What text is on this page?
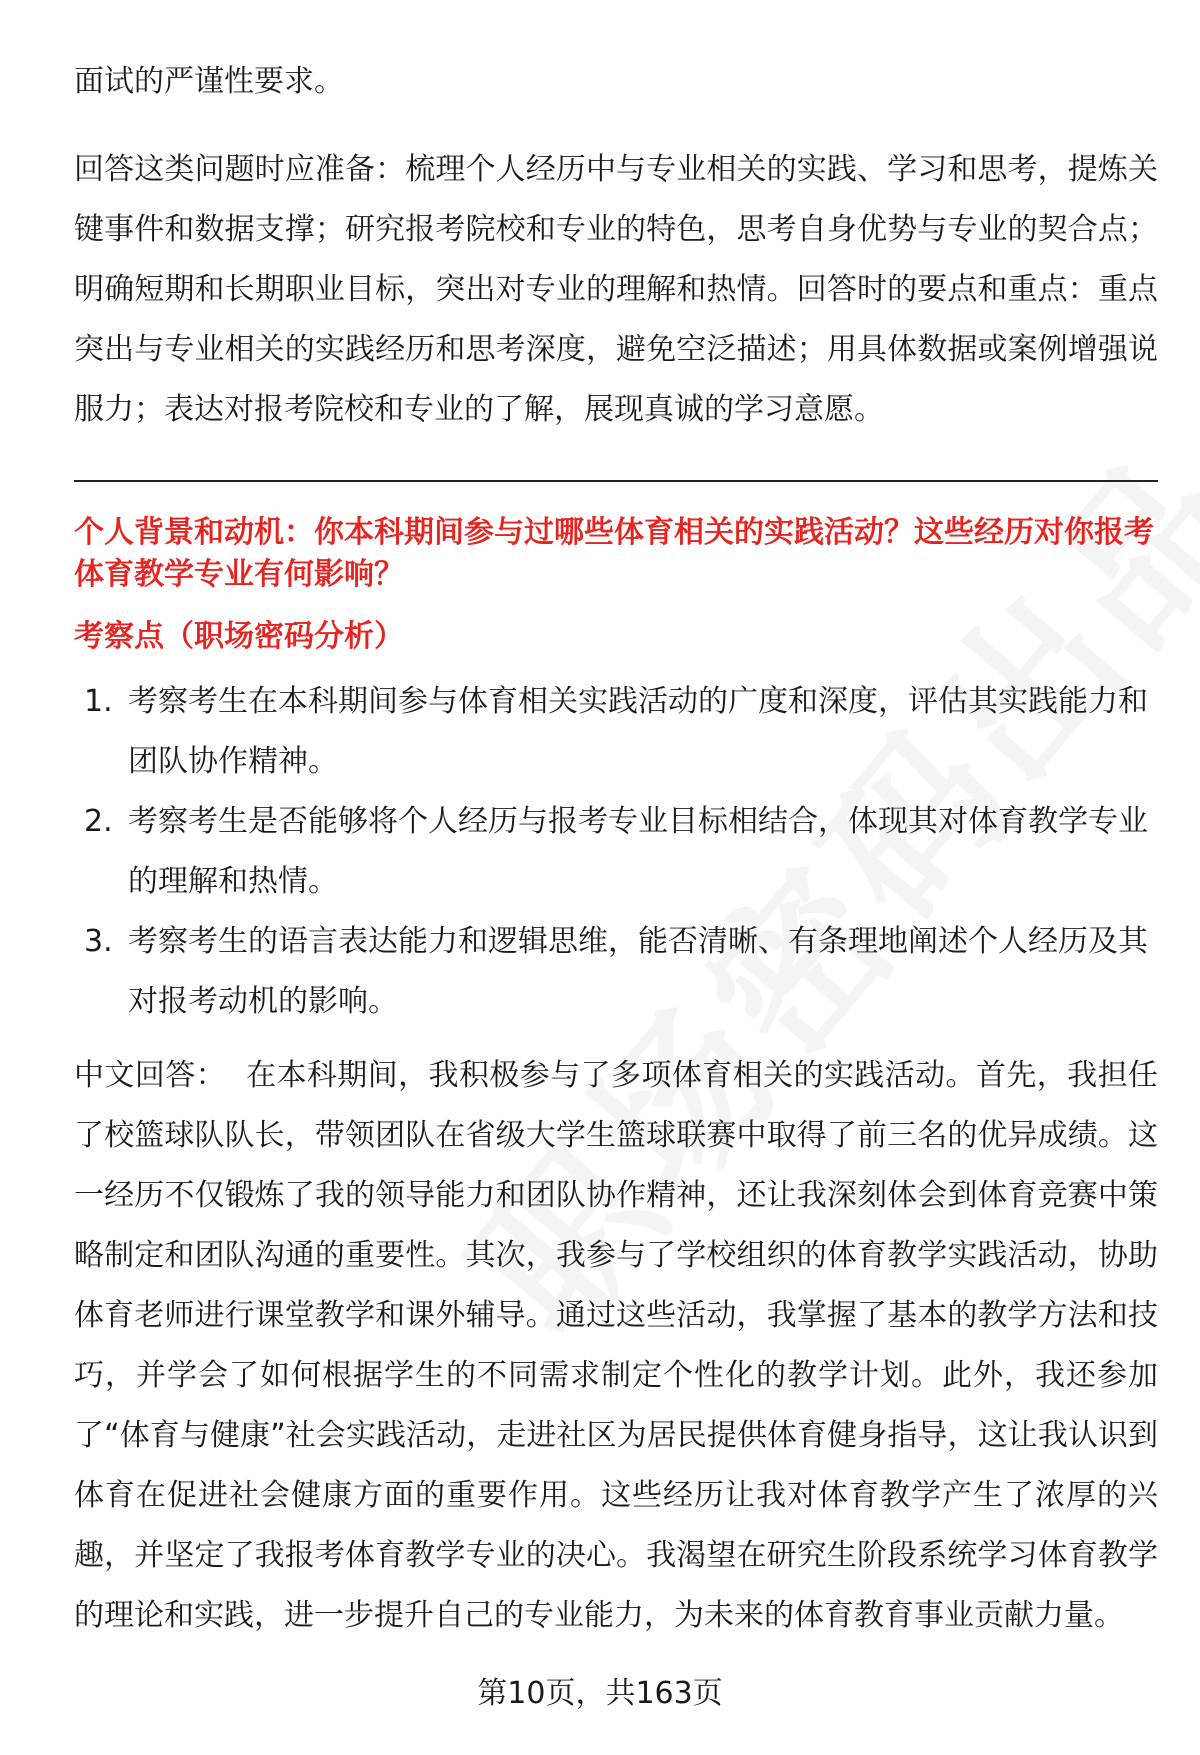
面试的严谨性要求。

回答这类问题时应准备：梳理个人经历中与专业相关的实践、学习和思考，提炼关键事件和数据支撑；研究报考院校和专业的特色，思考自身优势与专业的契合点；明确短期和长期职业目标，突出对专业的理解和热情。回答时的要点和重点：重点突出与专业相关的实践经历和思考深度，避免空泛描述；用具体数据或案例增强说服力；表达对报考院校和专业的了解，展现真诚的学习意愿。

个人背景和动机：你本科期间参与过哪些体育相关的实践活动？这些经历对你报考体育教学专业有何影响？
考察点（职场密码分析）
1. 考察考生在本科期间参与体育相关实践活动的广度和深度，评估其实践能力和团队协作精神。
2. 考察考生是否能够将个人经历与报考专业目标相结合，体现其对体育教学专业的理解和热情。
3. 考察考生的语言表达能力和逻辑思维，能否清晰、有条理地阐述个人经历及其对报考动机的影响。

中文回答： 在本科期间，我积极参与了多项体育相关的实践活动。首先，我担任了校篮球队队长，带领团队在省级大学生篮球联赛中取得了前三名的优异成绩。这一经历不仅锻炼了我的领导能力和团队协作精神，还让我深刻体会到体育竞赛中策略制定和团队沟通的重要性。其次，我参与了学校组织的体育教学实践活动，协助体育老师进行课堂教学和课外辅导。通过这些活动，我掌握了基本的教学方法和技巧，并学会了如何根据学生的不同需求制定个性化的教学计划。此外，我还参加了“体育与健康”社会实践活动，走进社区为居民提供体育健身指导，这让我认识到体育在促进社会健康方面的重要作用。这些经历让我对体育教学产生了浓厚的兴趣，并坚定了我报考体育教学专业的决心。我渴望在研究生阶段系统学习体育教学的理论和实践，进一步提升自己的专业能力，为未来的体育教育事业贡献力量。

第10页，共163页
